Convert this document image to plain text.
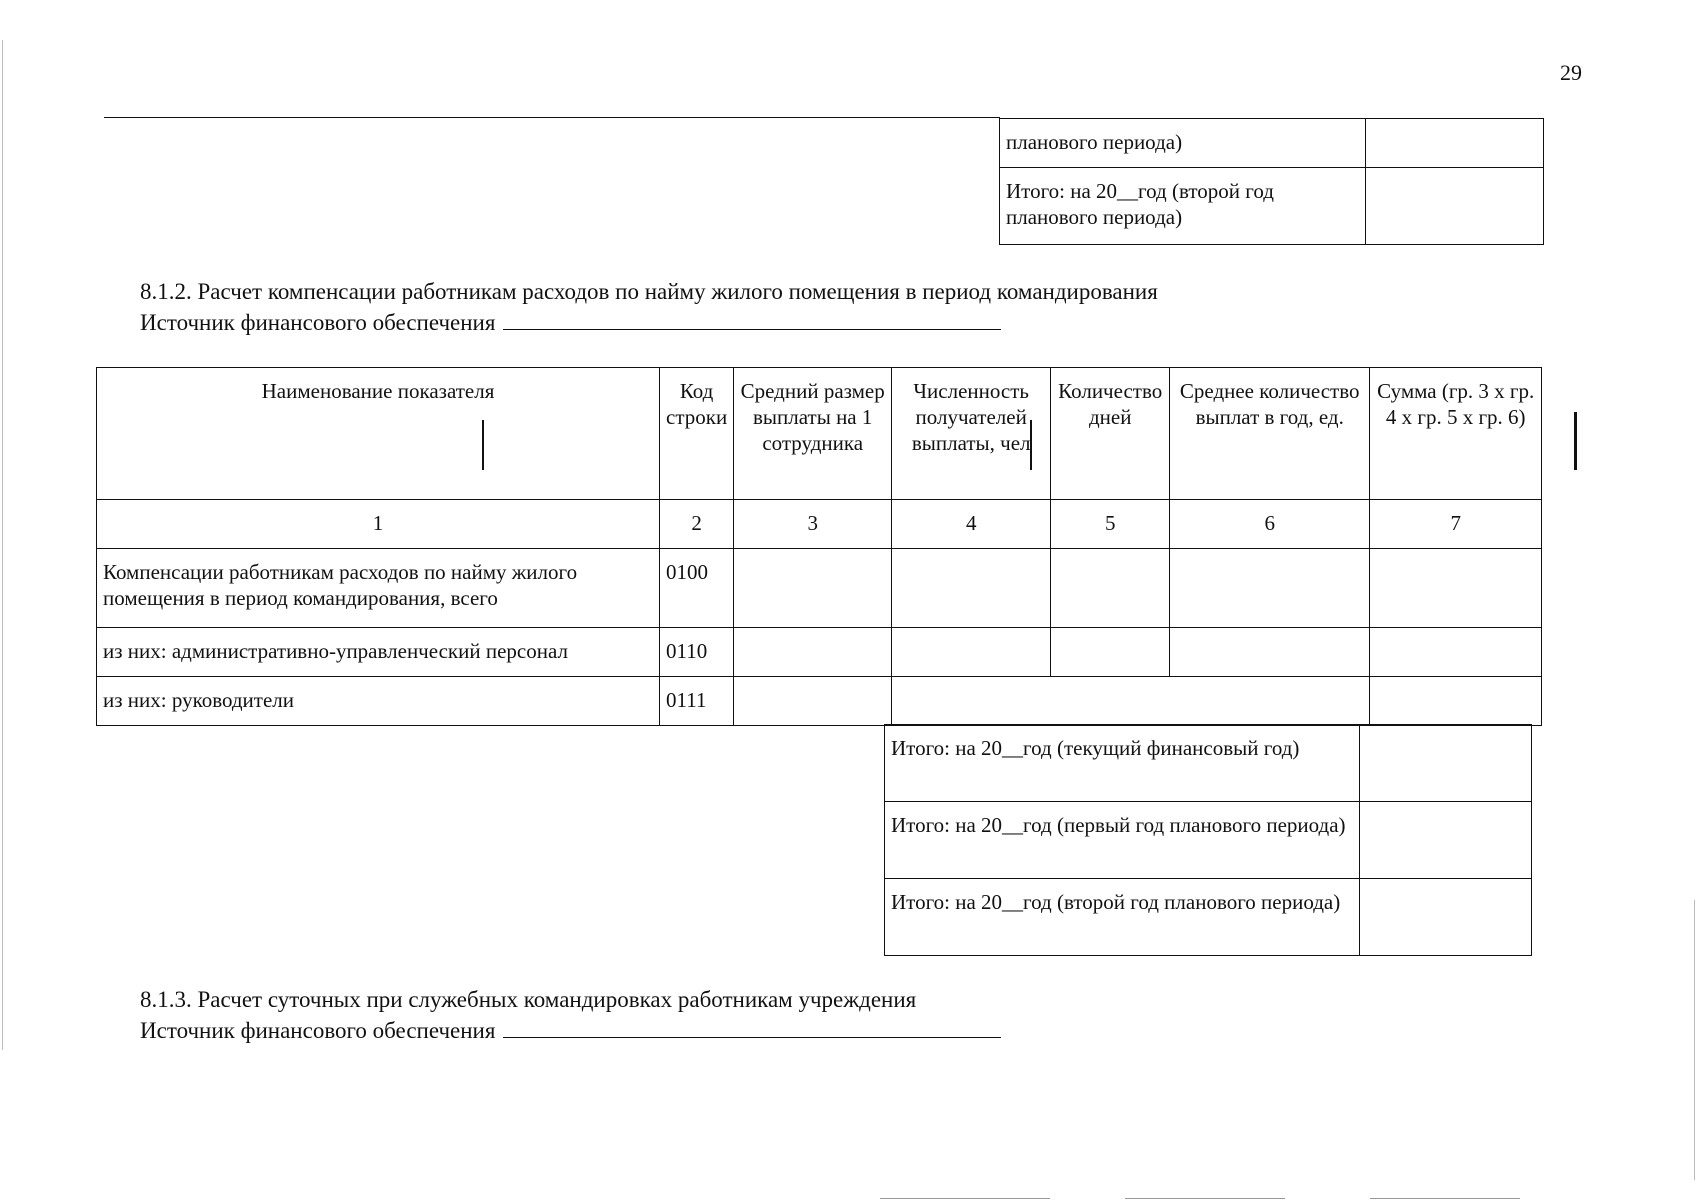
29
планового периода)	
Итого: на 20__год (второй год планового периода)	
8.1.2. Расчет компенсации работникам расходов по найму жилого помещения в период командирования
Источник финансового обеспечения
Наименование показателя	Код строки	Средний размер выплаты на 1 сотрудника	Численность получателей выплаты, чел	Количество дней	Среднее количество выплат в год, ед.	Сумма (гр. 3 х гр. 4 х гр. 5 х гр. 6)
1	2	3	4	5	6	7
Компенсации работникам расходов по найму жилого помещения в период командирования, всего	0100					
из них: административно-управленческий персонал	0110					
из них: руководители	0111					
Итого: на 20__год (текущий финансовый год)	
Итого: на 20__год (первый год планового периода)	
Итого: на 20__год (второй год планового периода)	
8.1.3. Расчет суточных при служебных командировках работникам учреждения
Источник финансового обеспечения
